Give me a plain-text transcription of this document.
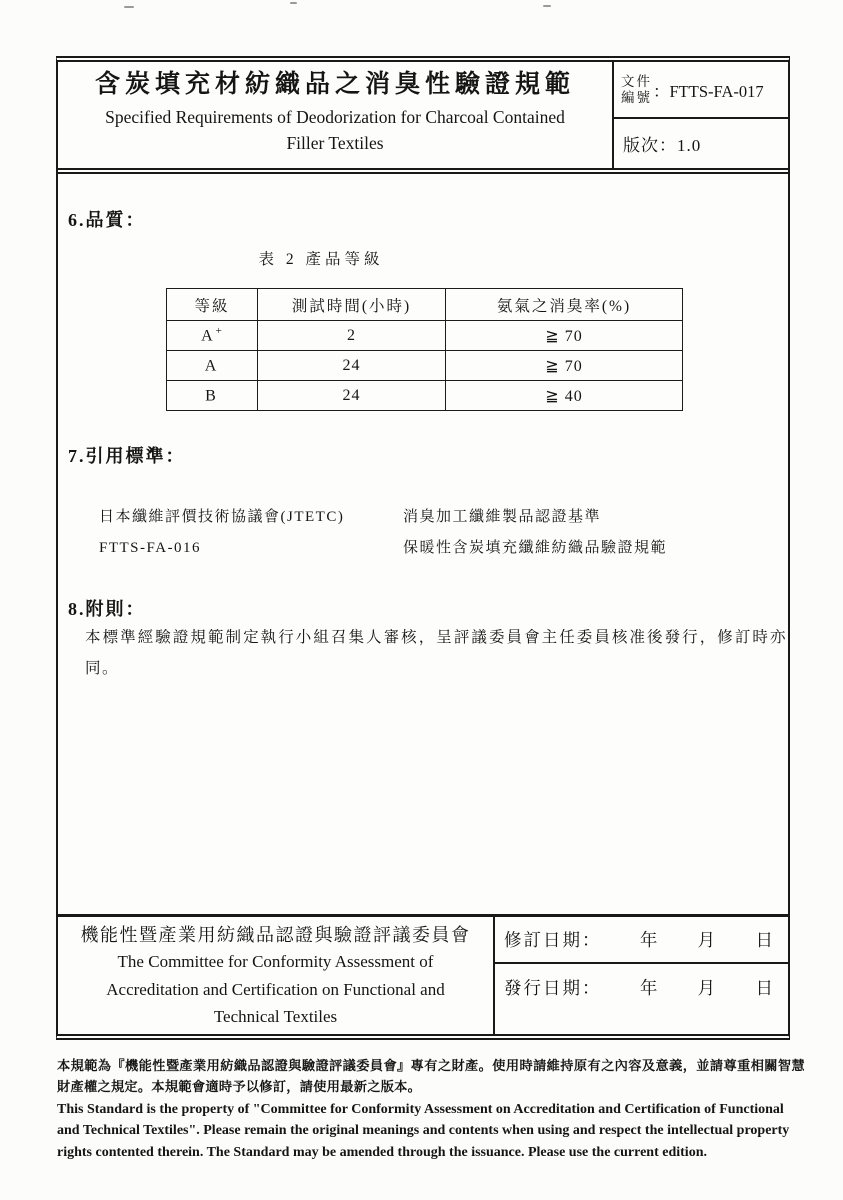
含炭填充材紡織品之消臭性驗證規範
Specified Requirements of Deodorization for Charcoal Contained
Filler Textiles
文件
編號 ：FTTS-FA-017
版次 ：1.0
6.品質：
表 2 產品等級
等級	測試時間(小時)	氨氣之消臭率(%)
A +	2	≧ 70
A	24	≧ 70
B	24	≧ 40
7.引用標準：
日本纖維評價技術協議會(JTETC)	消臭加工纖維製品認證基準
FTTS-FA-016	保暖性含炭填充纖維紡織品驗證規範
8.附則：
本標準經驗證規範制定執行小組召集人審核，呈評議委員會主任委員核准後發行，修訂時亦同。
機能性暨產業用紡織品認證與驗證評議委員會
The Committee for Conformity Assessment of
Accreditation and Certification on Functional and
Technical Textiles
修訂日期： 年 月 日
發行日期： 年 月 日
本規範為『機能性暨產業用紡織品認證與驗證評議委員會』專有之財產。使用時請維持原有之內容及意義，並請尊重相關智慧財產權之規定。本規範會適時予以修訂，請使用最新之版本。
This Standard is the property of "Committee for Conformity Assessment on Accreditation and Certification of Functional and Technical Textiles". Please remain the original meanings and contents when using and respect the intellectual property rights contented therein. The Standard may be amended through the issuance. Please use the current edition.
